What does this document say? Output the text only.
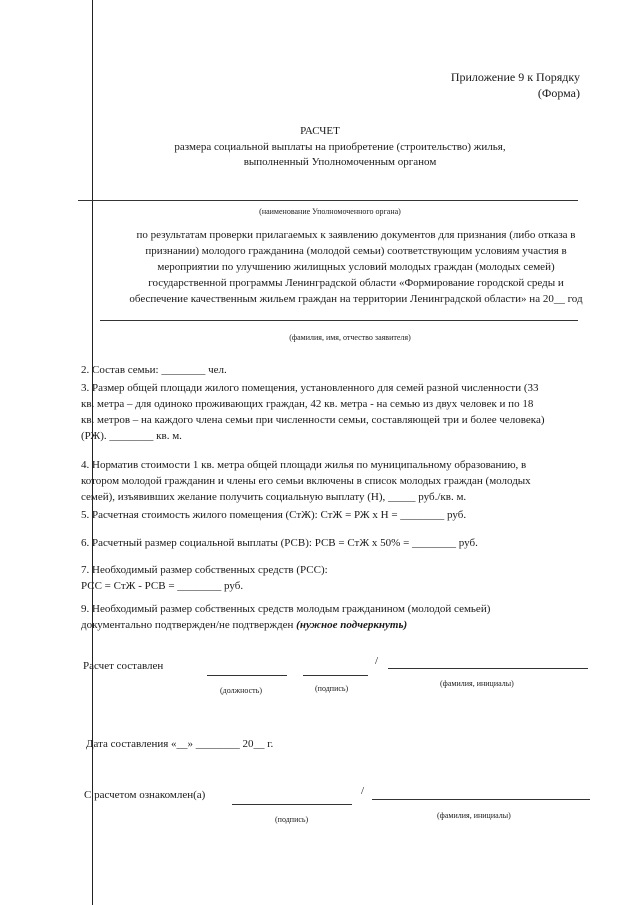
Приложение 9 к Порядку
(Форма)
РАСЧЕТ
размера социальной выплаты на приобретение (строительство) жилья,
выполненный Уполномоченным органом
(наименование Уполномоченного органа)
по результатам проверки прилагаемых к заявлению документов для признания (либо отказа в
признании) молодого гражданина (молодой семьи) соответствующим условиям участия в
мероприятии по улучшению жилищных условий молодых граждан (молодых семей)
государственной программы Ленинградской области «Формирование городской среды и
обеспечение качественным жильем граждан на территории Ленинградской области» на 20__ год
(фамилия, имя, отчество заявителя)
2. Состав семьи: ________ чел.
3. Размер общей площади жилого помещения, установленного для семей разной численности (33
кв. метра – для одиноко проживающих граждан, 42 кв. метра - на семью из двух человек и по 18
кв. метров – на каждого члена семьи при численности семьи, составляющей три и более человека)
(РЖ). ________ кв. м.
4. Норматив стоимости 1 кв. метра общей площади жилья по муниципальному образованию, в
котором молодой гражданин и члены его семьи включены в список молодых граждан (молодых
семей), изъявивших желание получить социальную выплату (Н), _____ руб./кв. м.
5. Расчетная стоимость жилого помещения (СтЖ): СтЖ = РЖ х Н = ________ руб.
6. Расчетный размер социальной выплаты (РСВ): РСВ = СтЖ х 50% = ________ руб.
7. Необходимый размер собственных средств (РСС):
РСС = СтЖ - РСВ = ________ руб.
9. Необходимый размер собственных средств молодым гражданином (молодой семьей)
документально подтвержден/не подтвержден (нужное подчеркнуть)
Расчет составлен	/
(должность)	(подпись)
(фамилия, инициалы)
Дата составления «__» ________ 20__ г.
С расчетом ознакомлен(а)	/
(подпись)	(фамилия, инициалы)
